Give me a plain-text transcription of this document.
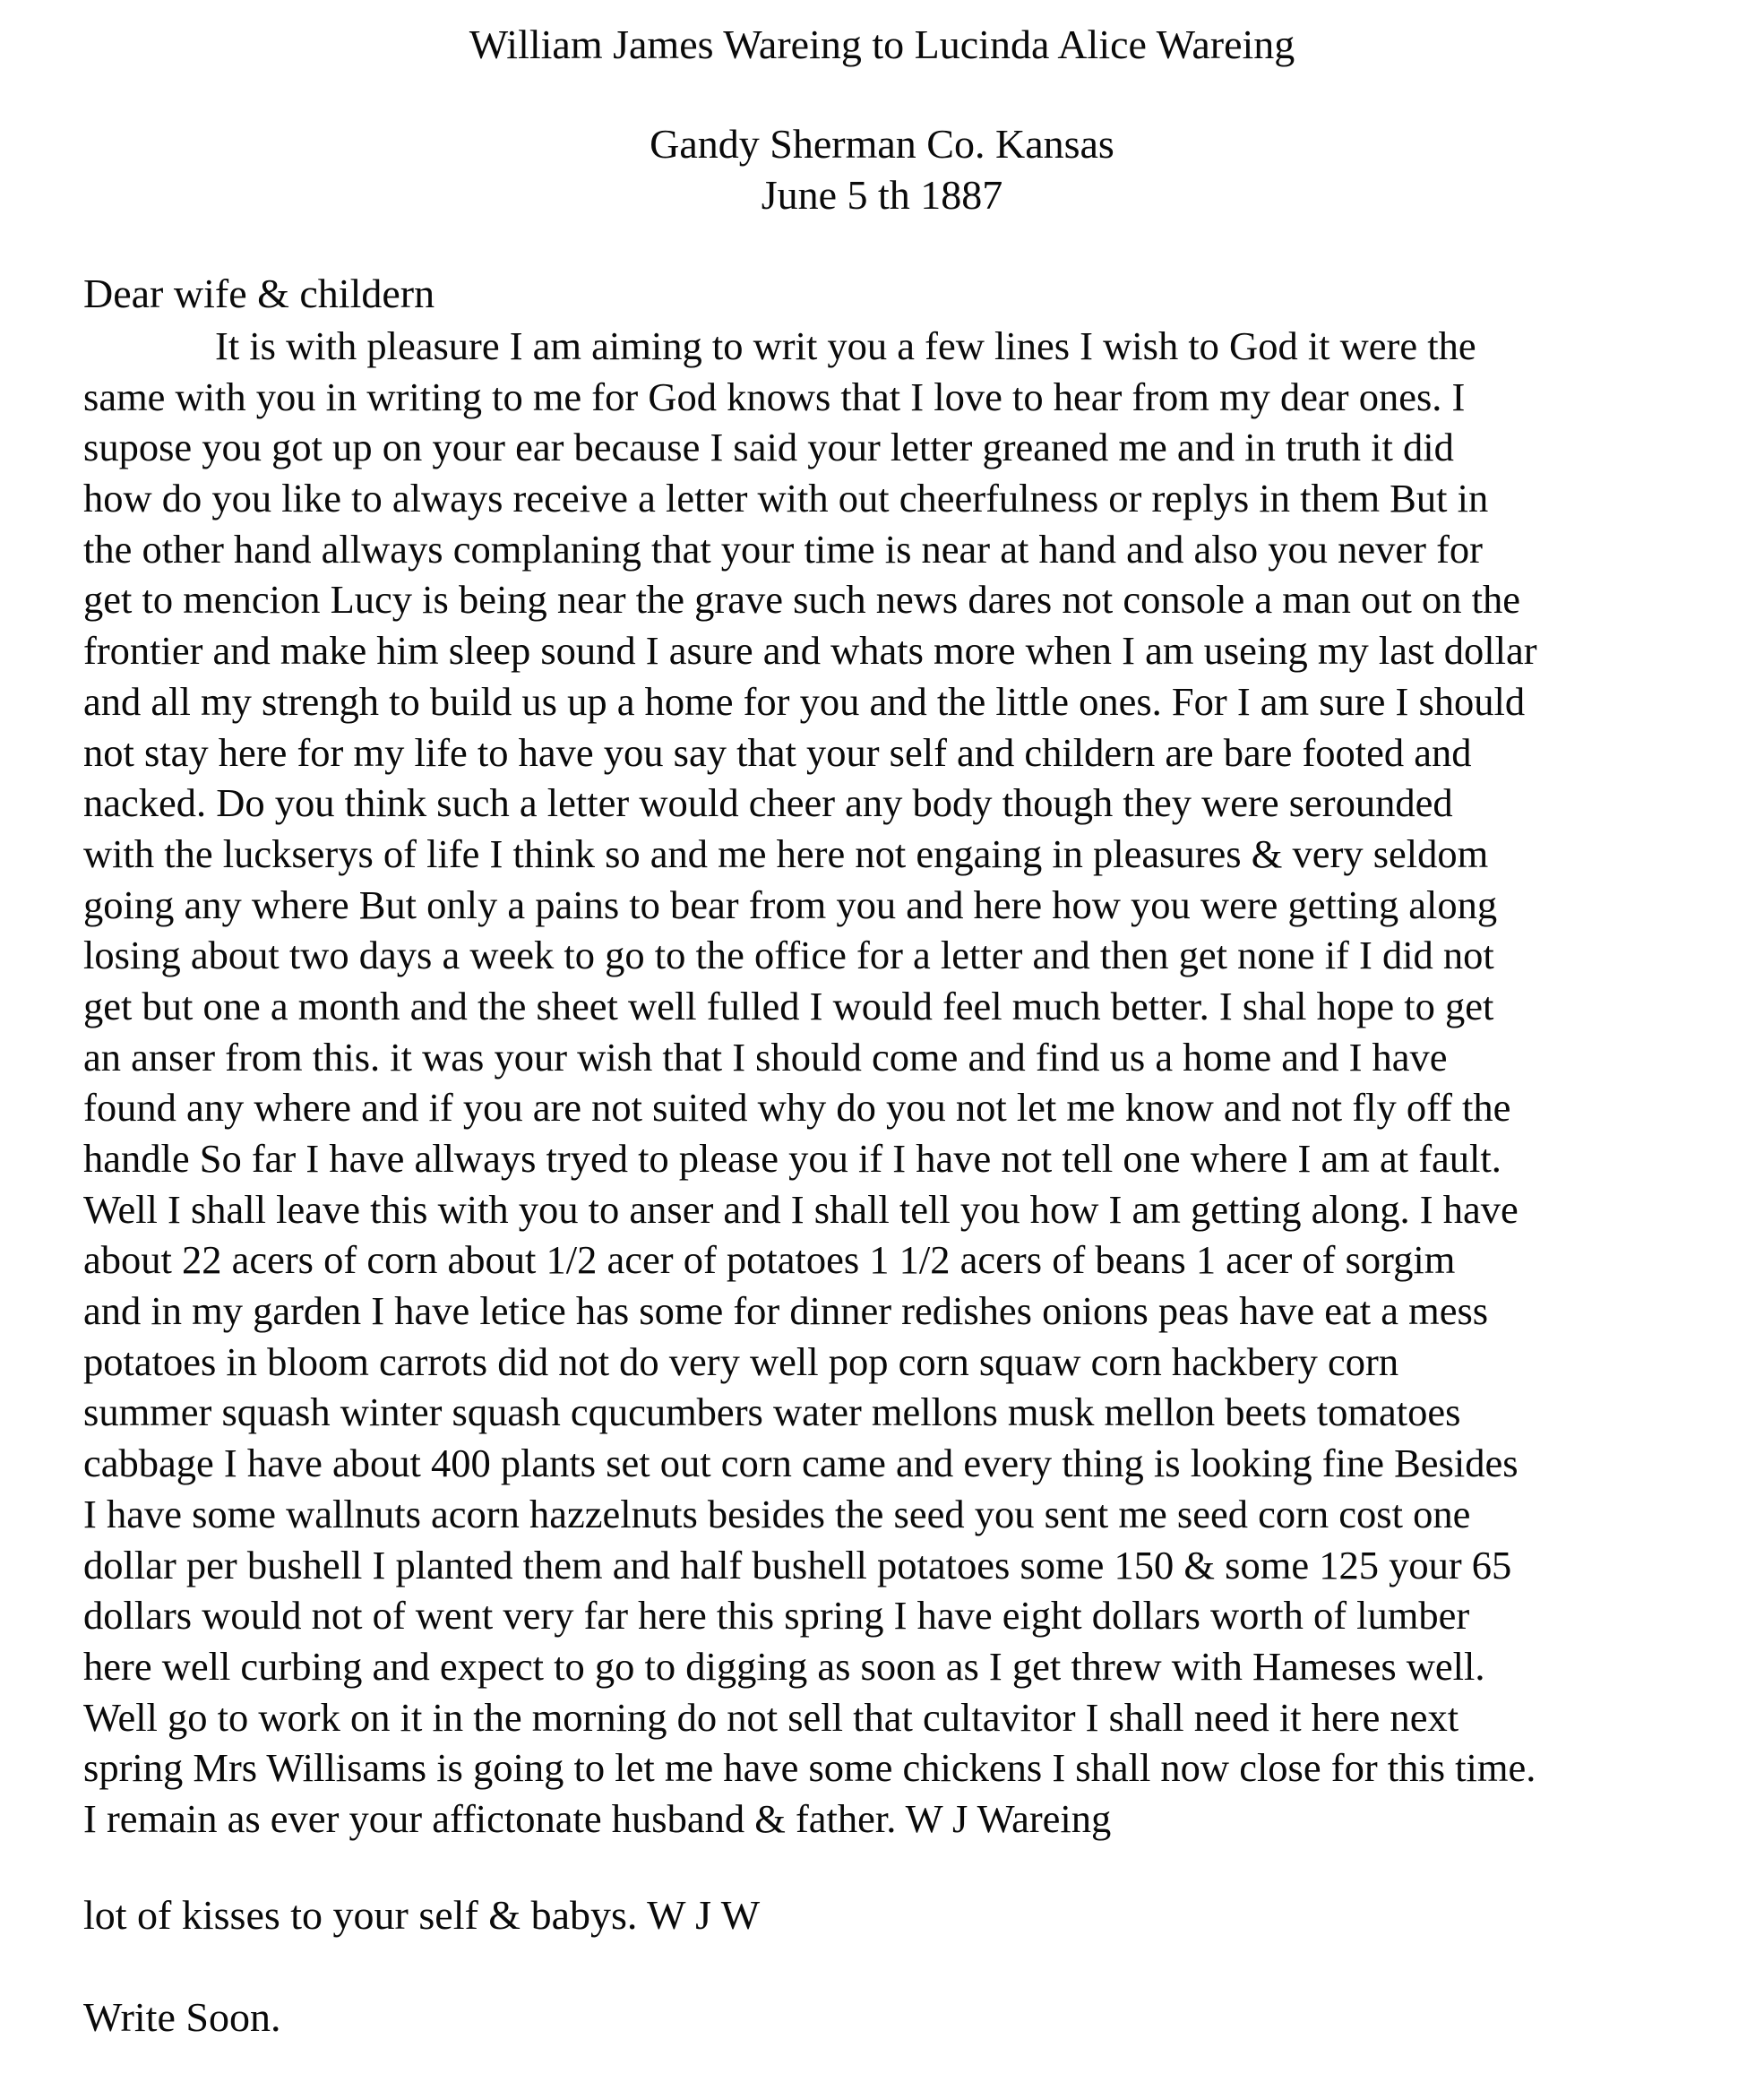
William James Wareing to Lucinda Alice Wareing
Gandy Sherman Co. Kansas
June 5 th 1887
Dear wife & childern
It is with pleasure I am aiming to writ you a few lines I wish to God it were the
same with you in writing to me for God knows that I love to hear from my dear ones. I
supose you got up on your ear because I said your letter greaned me and in truth it did
how do you like to always receive a letter with out cheerfulness or replys in them But in
the other hand allways complaning that your time is near at hand and also you never for
get to mencion Lucy is being near the grave such news dares not console a man out on the
frontier and make him sleep sound I asure and whats more when I am useing my last dollar
and all my strengh to build us up a home for you and the little ones. For I am sure I should
not stay here for my life to have you say that your self and childern are bare footed and
nacked. Do you think such a letter would cheer any body though they were serounded
with the luckserys of life I think so and me here not engaing in pleasures & very seldom
going any where But only a pains to bear from you and here how you were getting along
losing about two days a week to go to the office for a letter and then get none if I did not
get but one a month and the sheet well fulled I would feel much better. I shal hope to get
an anser from this. it was your wish that I should come and find us a home and I have
found any where and if you are not suited why do you not let me know and not fly off the
handle So far I have allways tryed to please you if I have not tell one where I am at fault.
Well I shall leave this with you to anser and I shall tell you how I am getting along. I have
about 22 acers of corn about 1/2 acer of potatoes 1 1/2 acers of beans 1 acer of sorgim
and in my garden I have letice has some for dinner redishes onions peas have eat a mess
potatoes in bloom carrots did not do very well pop corn squaw corn hackbery corn
summer squash winter squash cqucumbers water mellons musk mellon beets tomatoes
cabbage I have about 400 plants set out corn came and every thing is looking fine Besides
I have some wallnuts acorn hazzelnuts besides the seed you sent me seed corn cost one
dollar per bushell I planted them and half bushell potatoes some 150 & some 125 your 65
dollars would not of went very far here this spring I have eight dollars worth of lumber
here well curbing and expect to go to digging as soon as I get threw with Hameses well.
Well go to work on it in the morning do not sell that cultavitor I shall need it here next
spring Mrs Willisams is going to let me have some chickens I shall now close for this time.
I remain as ever your affictonate husband & father. W J Wareing
lot of kisses to your self & babys. W J W
Write Soon.
